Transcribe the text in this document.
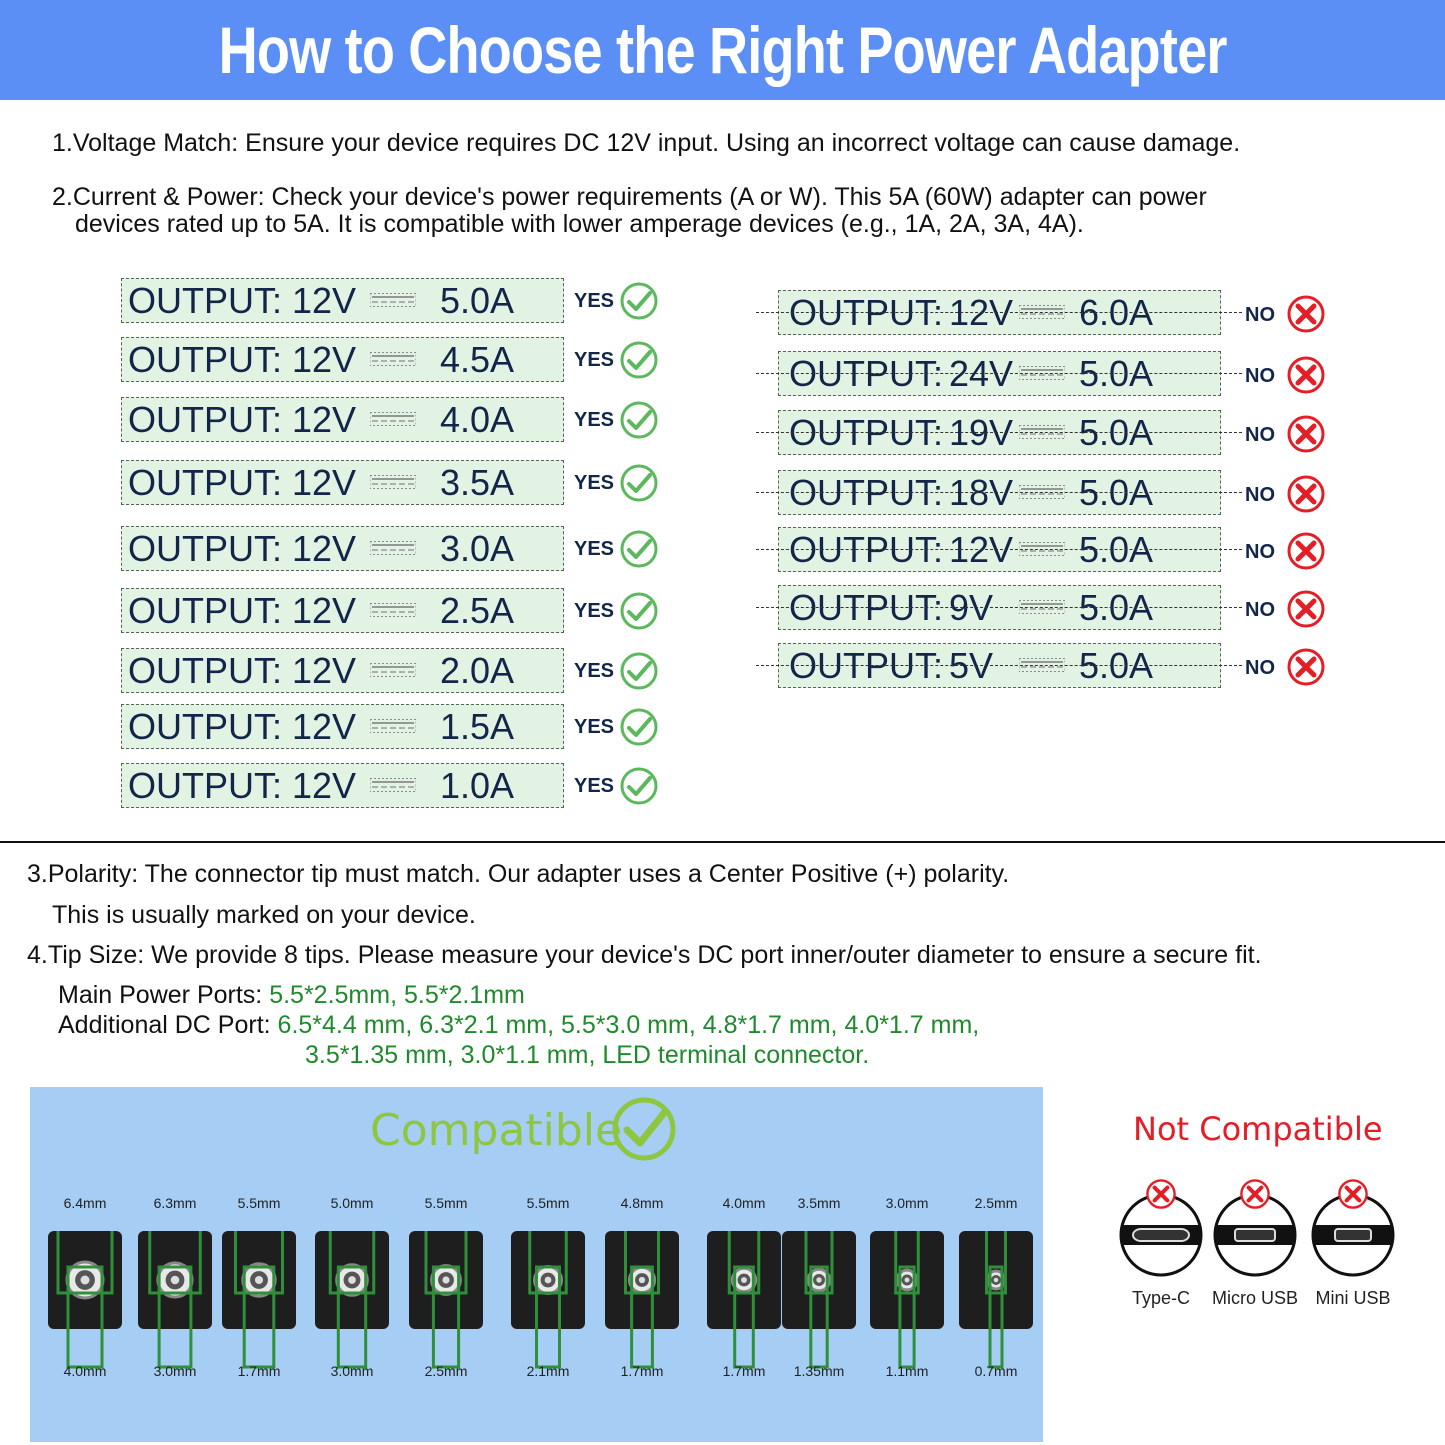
How to Choose the Right Power Adapter
1.Voltage Match: Ensure your device requires DC 12V input. Using an incorrect voltage can cause damage.
2.Current & Power: Check your device's power requirements (A or W). This 5A (60W) adapter can power
devices rated up to 5A. It is compatible with lower amperage devices (e.g., 1A, 2A, 3A, 4A).
OUTPUT: 12V 5.0A	YES
OUTPUT: 12V 4.5A	YES
OUTPUT: 12V 4.0A	YES
OUTPUT: 12V 3.5A	YES
OUTPUT: 12V 3.0A	YES
OUTPUT: 12V 2.5A	YES
OUTPUT: 12V 2.0A	YES
OUTPUT: 12V 1.5A	YES
OUTPUT: 12V 1.0A	YES
OUTPUT: 12V 6.0A	NO
OUTPUT: 24V 5.0A	NO
OUTPUT: 19V 5.0A	NO
OUTPUT: 18V 5.0A	NO
OUTPUT: 12V 5.0A	NO
OUTPUT: 9V 5.0A	NO
OUTPUT: 5V 5.0A	NO
3.Polarity: The connector tip must match. Our adapter uses a Center Positive (+) polarity.
This is usually marked on your device.
4.Tip Size: We provide 8 tips. Please measure your device's DC port inner/outer diameter to ensure a secure fit.
Main Power Ports: 5.5*2.5mm, 5.5*2.1mm
Additional DC Port: 6.5*4.4 mm, 6.3*2.1 mm, 5.5*3.0 mm, 4.8*1.7 mm, 4.0*1.7 mm,
3.5*1.35 mm, 3.0*1.1 mm, LED terminal connector.
Compatible
6.4mm
4.0mm
6.3mm
3.0mm
5.5mm
1.7mm
5.0mm
3.0mm
5.5mm
2.5mm
5.5mm
2.1mm
4.8mm
1.7mm
4.0mm
1.7mm
3.5mm
1.35mm
3.0mm
1.1mm
2.5mm
0.7mm
Not Compatible
Type-C	Micro USB Mini USB
